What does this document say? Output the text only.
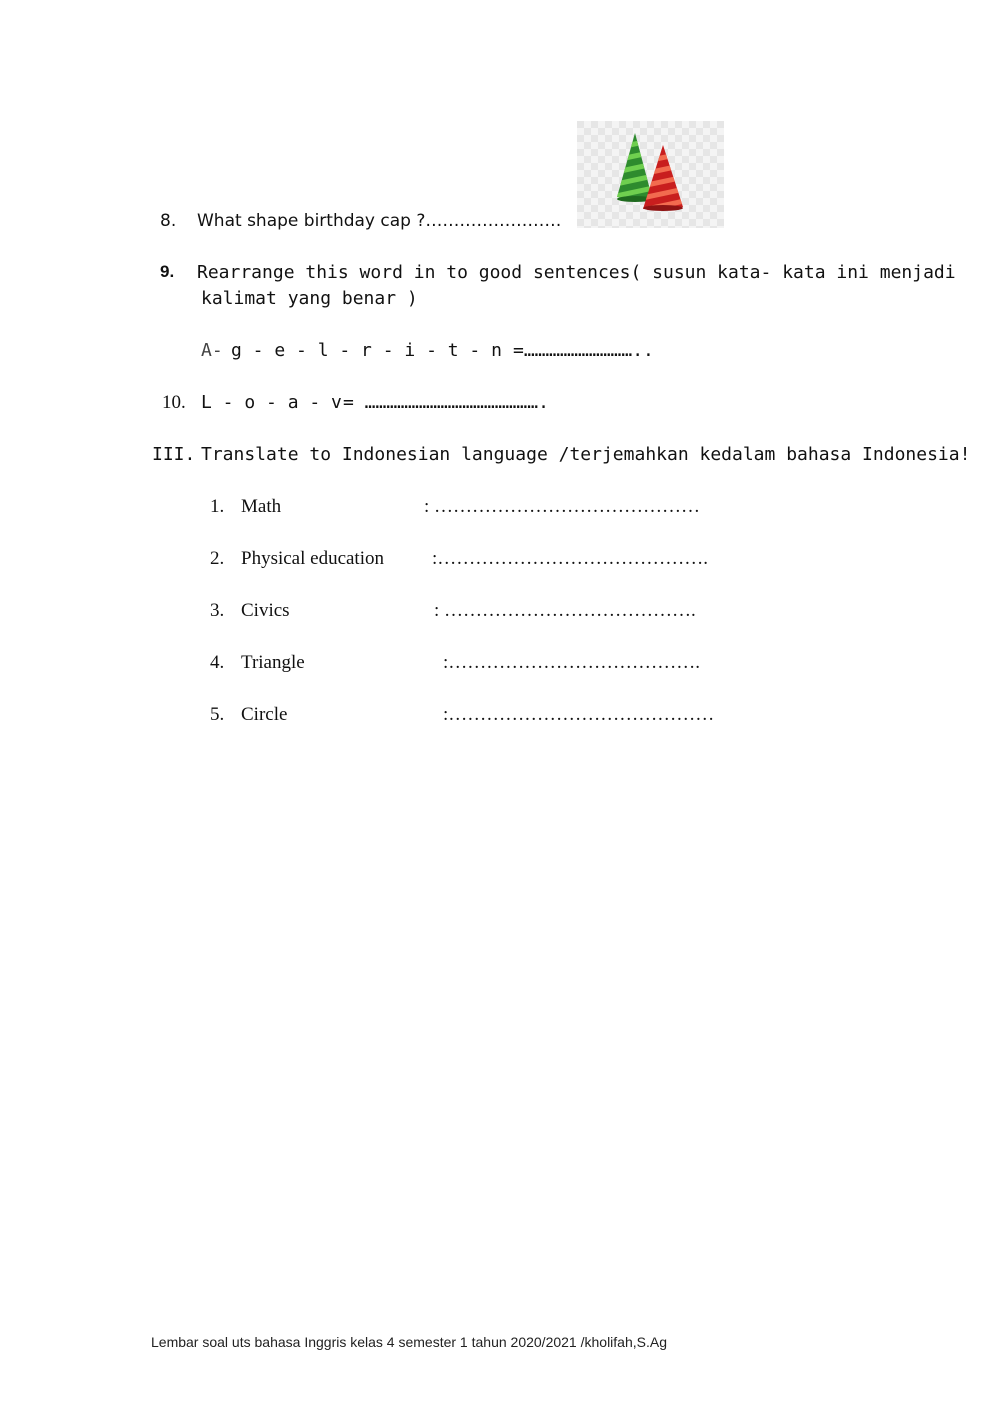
8. What shape birthday cap ?……………………
9. Rearrange this word in to good sentences( susun kata- kata ini menjadi
kalimat yang benar )
A- g - e - l - r - i - t - n =…………………………..
10. L - o - a - v = ………………………………………….
III. Translate to Indonesian language /terjemahkan kedalam bahasa Indonesia!
1. Math	: ……………………………………
2. Physical education	:…………………………………….
3. Civics	: ………………………………….
4. Triangle	:………………………………….
5. Circle	:……………………………………
Lembar soal uts bahasa Inggris kelas 4 semester 1 tahun 2020/2021 /kholifah,S.Ag
